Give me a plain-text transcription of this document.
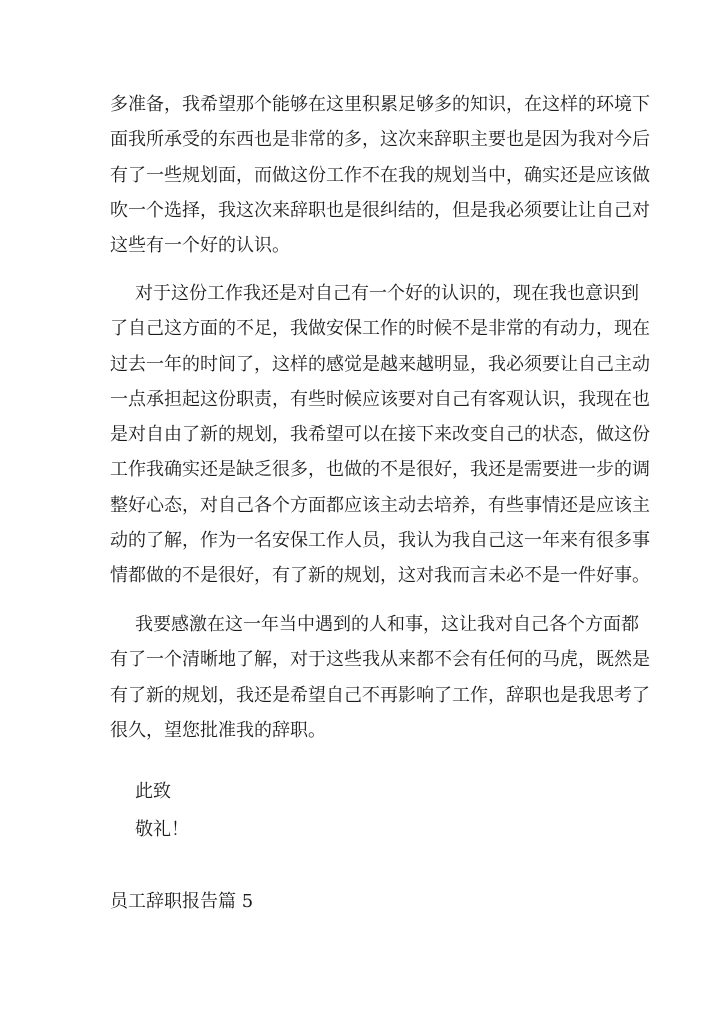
多准备，我希望那个能够在这里积累足够多的知识，在这样的环境下
面我所承受的东西也是非常的多，这次来辞职主要也是因为我对今后
有了一些规划面，而做这份工作不在我的规划当中，确实还是应该做
吹一个选择，我这次来辞职也是很纠结的，但是我必须要让让自己对
这些有一个好的认识。
对于这份工作我还是对自己有一个好的认识的，现在我也意识到
了自己这方面的不足，我做安保工作的时候不是非常的有动力，现在
过去一年的时间了，这样的感觉是越来越明显，我必须要让自己主动
一点承担起这份职责，有些时候应该要对自己有客观认识，我现在也
是对自由了新的规划，我希望可以在接下来改变自己的状态，做这份
工作我确实还是缺乏很多，也做的不是很好，我还是需要进一步的调
整好心态，对自己各个方面都应该主动去培养，有些事情还是应该主
动的了解，作为一名安保工作人员，我认为我自己这一年来有很多事
情都做的不是很好，有了新的规划，这对我而言未必不是一件好事。
我要感激在这一年当中遇到的人和事，这让我对自己各个方面都
有了一个清晰地了解，对于这些我从来都不会有任何的马虎，既然是
有了新的规划，我还是希望自己不再影响了工作，辞职也是我思考了
很久，望您批准我的辞职。
此致
敬礼！
员工辞职报告篇 5
